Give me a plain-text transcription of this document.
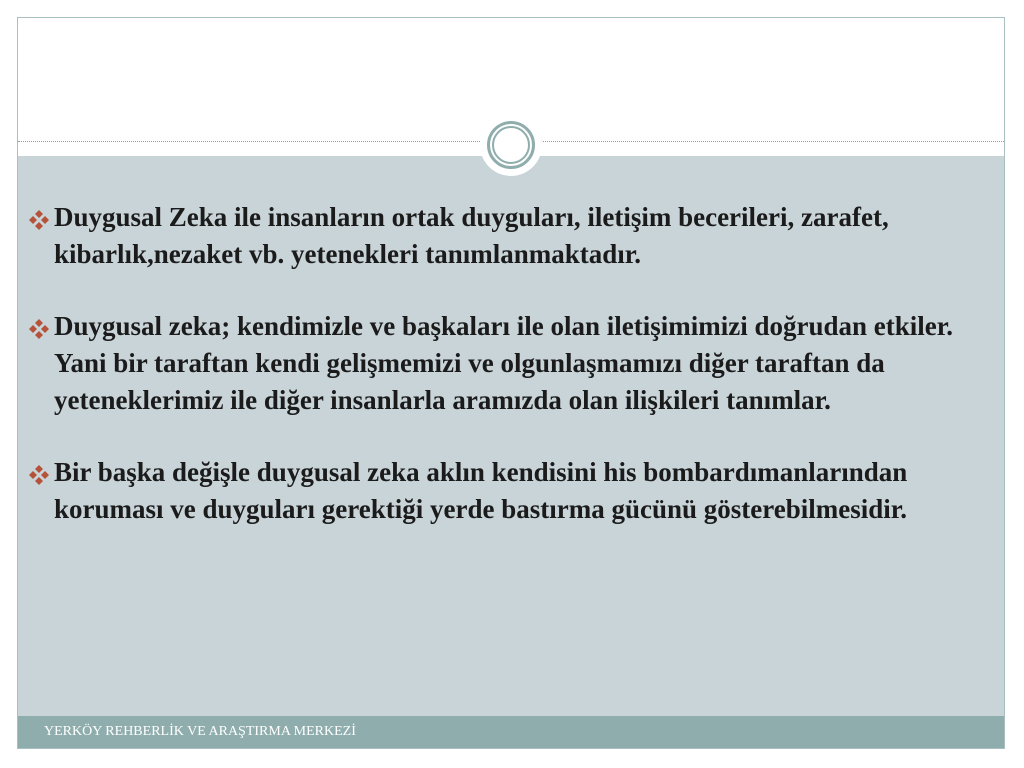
Duygusal Zeka ile insanların ortak duyguları, iletişim becerileri, zarafet, kibarlık,nezaket vb. yetenekleri tanımlanmaktadır.
Duygusal zeka; kendimizle ve başkaları ile olan iletişimimizi doğrudan etkiler. Yani bir taraftan kendi gelişmemizi ve olgunlaşmamızı diğer taraftan da yeteneklerimiz ile diğer insanlarla aramızda olan ilişkileri tanımlar.
Bir başka değişle duygusal zeka aklın kendisini his bombardımanlarından koruması ve duyguları gerektiği yerde bastırma gücünü gösterebilmesidir.
YERKÖY REHBERLİK VE ARAŞTIRMA MERKEZİ
